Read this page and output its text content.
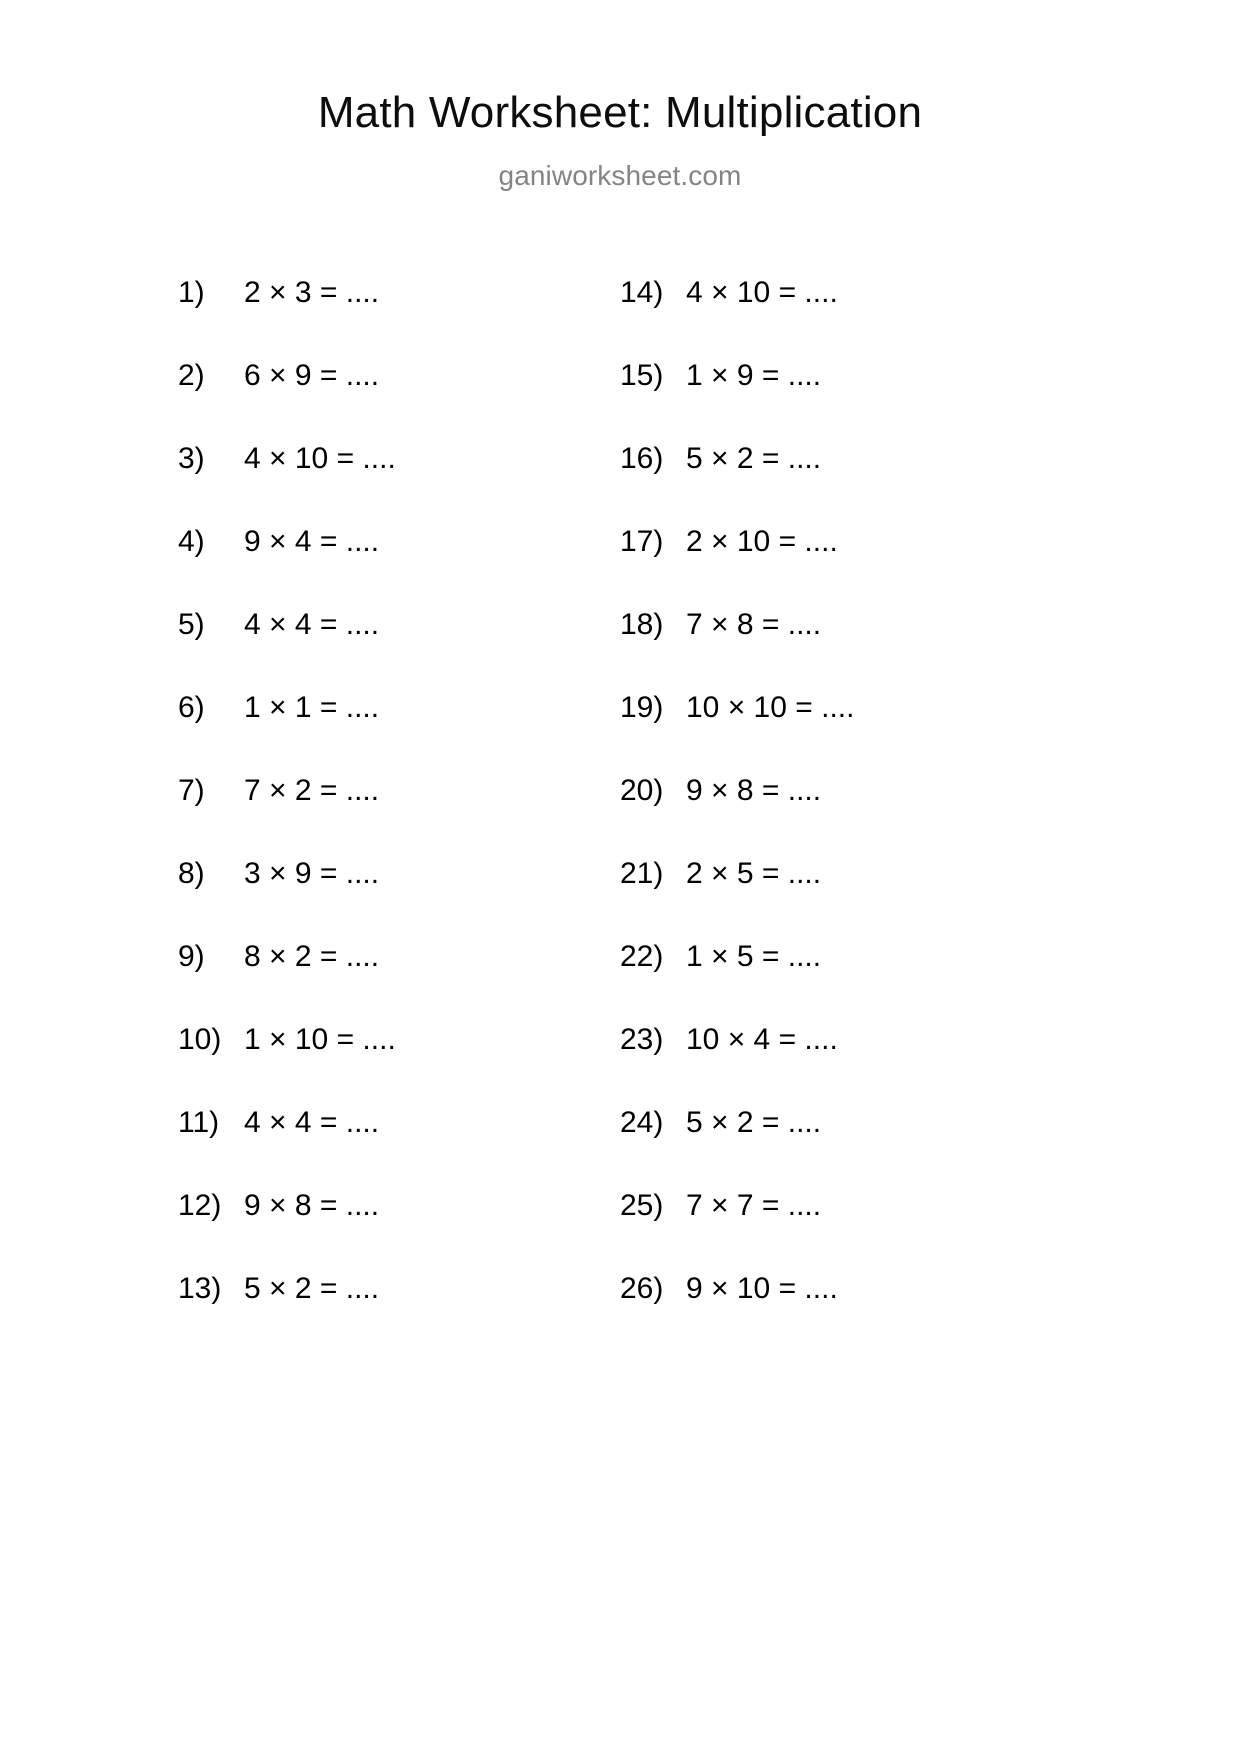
Math Worksheet: Multiplication
ganiworksheet.com
1)	2 × 3 = ....
2)	6 × 9 = ....
3)	4 × 10 = ....
4)	9 × 4 = ....
5)	4 × 4 = ....
6)	1 × 1 = ....
7)	7 × 2 = ....
8)	3 × 9 = ....
9)	8 × 2 = ....
10) 1 × 10 = ....
11) 4 × 4 = ....
12) 9 × 8 = ....
13) 5 × 2 = ....
14) 4 × 10 = ....
15) 1 × 9 = ....
16) 5 × 2 = ....
17) 2 × 10 = ....
18) 7 × 8 = ....
19) 10 × 10 = ....
20) 9 × 8 = ....
21) 2 × 5 = ....
22) 1 × 5 = ....
23) 10 × 4 = ....
24) 5 × 2 = ....
25) 7 × 7 = ....
26) 9 × 10 = ....
